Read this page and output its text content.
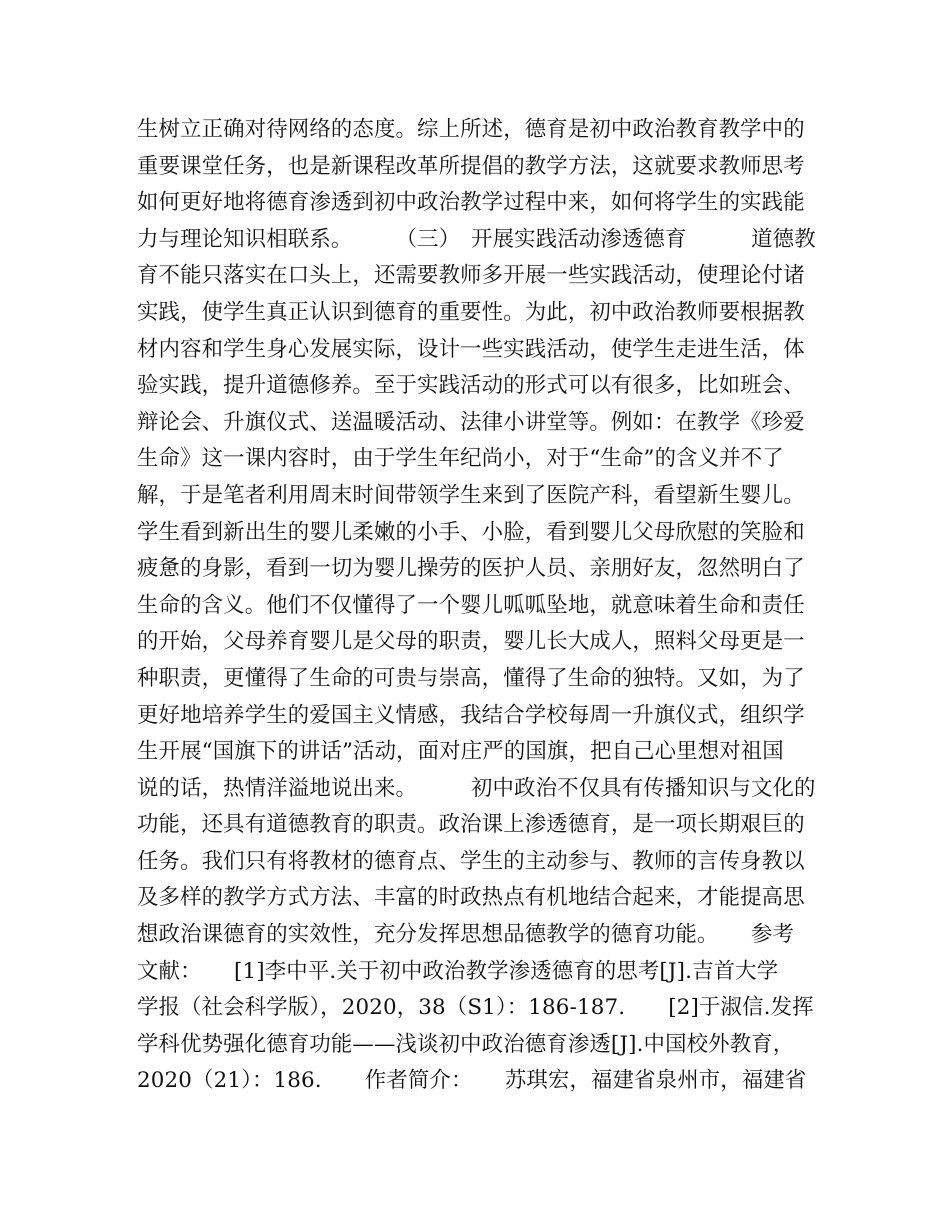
生树立正确对待网络的态度。综上所述，德育是初中政治教育教学中的
重要课堂任务，也是新课程改革所提倡的教学方法，这就要求教师思考
如何更好地将德育渗透到初中政治教学过程中来，如何将学生的实践能
力与理论知识相联系。　　　（三）　开展实践活动渗透德育　　　道德教
育不能只落实在口头上，还需要教师多开展一些实践活动，使理论付诸
实践，使学生真正认识到德育的重要性。为此，初中政治教师要根据教
材内容和学生身心发展实际，设计一些实践活动，使学生走进生活，体
验实践，提升道德修养。至于实践活动的形式可以有很多，比如班会、
辩论会、升旗仪式、送温暖活动、法律小讲堂等。例如：在教学《珍爱
生命》这一课内容时，由于学生年纪尚小，对于“生命”的含义并不了
解，于是笔者利用周末时间带领学生来到了医院产科，看望新生婴儿。
学生看到新出生的婴儿柔嫩的小手、小脸，看到婴儿父母欣慰的笑脸和
疲惫的身影，看到一切为婴儿操劳的医护人员、亲朋好友，忽然明白了
生命的含义。他们不仅懂得了一个婴儿呱呱坠地，就意味着生命和责任
的开始，父母养育婴儿是父母的职责，婴儿长大成人，照料父母更是一
种职责，更懂得了生命的可贵与崇高，懂得了生命的独特。又如，为了
更好地培养学生的爱国主义情感，我结合学校每周一升旗仪式，组织学
生开展“国旗下的讲话”活动，面对庄严的国旗，把自己心里想对祖国
说的话，热情洋溢地说出来。　　　初中政治不仅具有传播知识与文化的
功能，还具有道德教育的职责。政治课上渗透德育，是一项长期艰巨的
任务。我们只有将教材的德育点、学生的主动参与、教师的言传身教以
及多样的教学方式方法、丰富的时政热点有机地结合起来，才能提高思
想政治课德育的实效性，充分发挥思想品德教学的德育功能。　　参考
文献：　　[1]李中平.关于初中政治教学渗透德育的思考[J].吉首大学
学报（社会科学版），2020，38（S1）：186-187.　　[2]于淑信.发挥
学科优势强化德育功能——浅谈初中政治德育渗透[J].中国校外教育，
2020（21）：186.　　作者简介：　　苏琪宏，福建省泉州市，福建省
